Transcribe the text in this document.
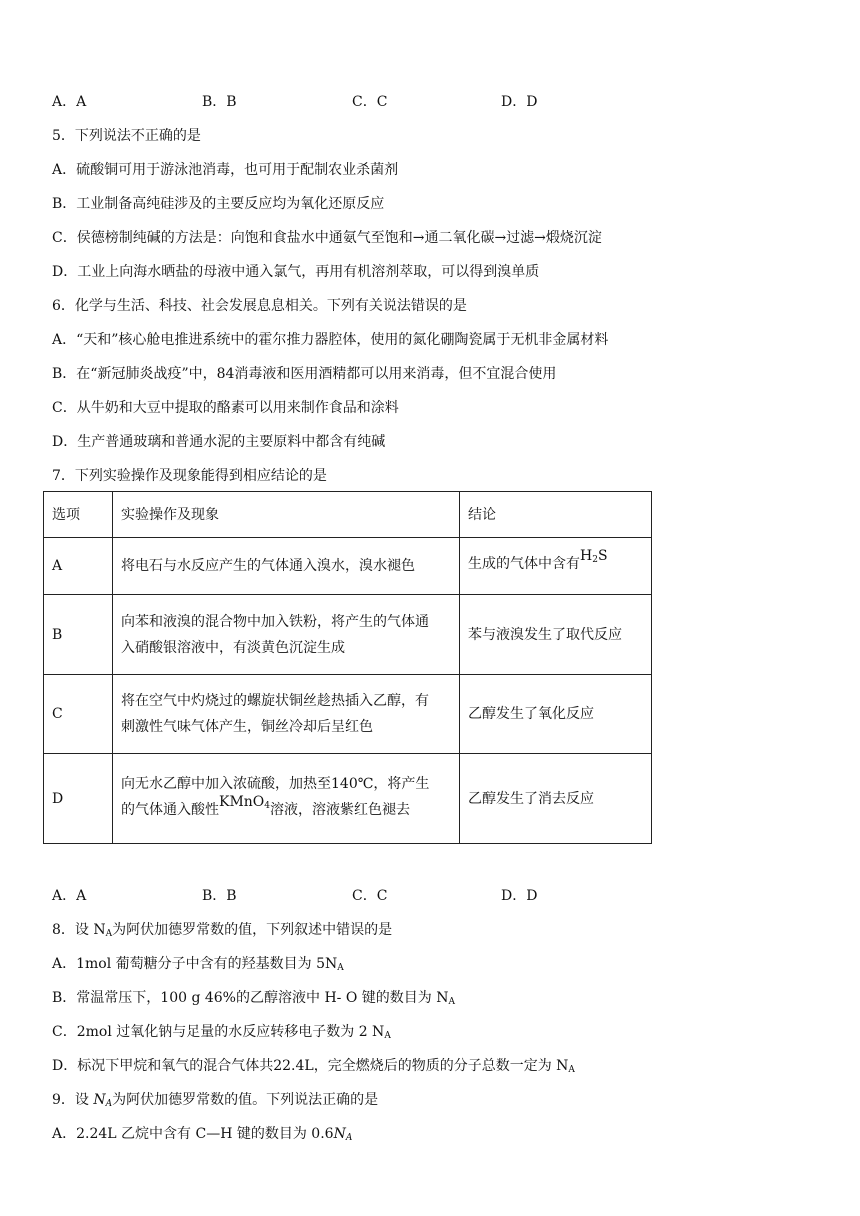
A．A	B．B	C．C	D．D
5．下列说法不正确的是
A．硫酸铜可用于游泳池消毒，也可用于配制农业杀菌剂
B．工业制备高纯硅涉及的主要反应均为氧化还原反应
C．侯德榜制纯碱的方法是：向饱和食盐水中通氨气至饱和→通二氧化碳→过滤→煅烧沉淀
D．工业上向海水晒盐的母液中通入氯气，再用有机溶剂萃取，可以得到溴单质
6．化学与生活、科技、社会发展息息相关。下列有关说法错误的是
A．“天和”核心舱电推进系统中的霍尔推力器腔体，使用的氮化硼陶瓷属于无机非金属材料
B．在“新冠肺炎战疫”中，84消毒液和医用酒精都可以用来消毒，但不宜混合使用
C．从牛奶和大豆中提取的酪素可以用来制作食品和涂料
D．生产普通玻璃和普通水泥的主要原料中都含有纯碱
7．下列实验操作及现象能得到相应结论的是
选项	实验操作及现象	结论
A	将电石与水反应产生的气体通入溴水，溴水褪色	生成的气体中含有$H_2S$
B	向苯和液溴的混合物中加入铁粉，将产生的气体通
入硝酸银溶液中，有淡黄色沉淀生成	苯与液溴发生了取代反应
C	将在空气中灼烧过的螺旋状铜丝趁热插入乙醇，有
刺激性气味气体产生，铜丝冷却后呈红色	乙醇发生了氧化反应
D	向无水乙醇中加入浓硫酸，加热至140℃，将产生
的气体通入酸性KMnO$_4$溶液，溶液紫红色褪去	乙醇发生了消去反应
A．A	B．B	C．C	D．D
8．设 $N_A$为阿伏加德罗常数的值，下列叙述中错误的是
A．1mol 葡萄糖分子中含有的羟基数目为 $5N_A$
B．常温常压下，100 g 46%的乙醇溶液中 H- O 键的数目为 $N_A$
C．2mol 过氧化钠与足量的水反应转移电子数为 2 $N_A$
D．标况下甲烷和氧气的混合气体共22.4L，完全燃烧后的物质的分子总数一定为 $N_A$
9．设 $N_A$为阿伏加德罗常数的值。下列说法正确的是
A．2.24L 乙烷中含有 C—H 键的数目为 $0.6N_A$
